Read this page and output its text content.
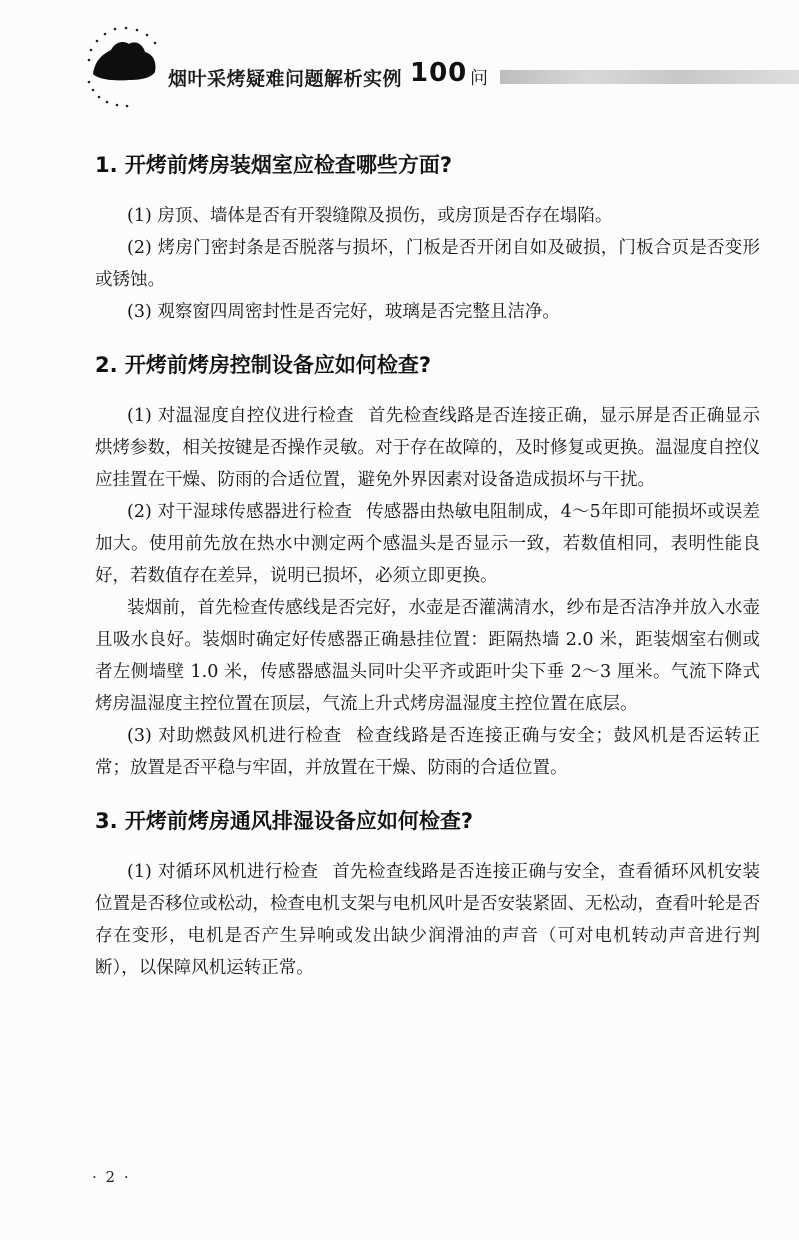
烟叶采烤疑难问题解析实例 100 问
1. 开烤前烤房装烟室应检查哪些方面?

(1) 房顶、墙体是否有开裂缝隙及损伤，或房顶是否存在塌陷。

(2) 烤房门密封条是否脱落与损坏，门板是否开闭自如及破损，门板合页是否变形或锈蚀。

(3) 观察窗四周密封性是否完好，玻璃是否完整且洁净。

2. 开烤前烤房控制设备应如何检查?

(1) 对温湿度自控仪进行检查 首先检查线路是否连接正确，显示屏是否正确显示烘烤参数，相关按键是否操作灵敏。对于存在故障的，及时修复或更换。温湿度自控仪应挂置在干燥、防雨的合适位置，避免外界因素对设备造成损坏与干扰。

(2) 对干湿球传感器进行检查 传感器由热敏电阻制成，4～5年即可能损坏或误差加大。使用前先放在热水中测定两个感温头是否显示一致，若数值相同，表明性能良好，若数值存在差异，说明已损坏，必须立即更换。

装烟前，首先检查传感线是否完好，水壶是否灌满清水，纱布是否洁净并放入水壶且吸水良好。装烟时确定好传感器正确悬挂位置：距隔热墙 2.0 米，距装烟室右侧或者左侧墙壁 1.0 米，传感器感温头同叶尖平齐或距叶尖下垂 2～3 厘米。气流下降式烤房温湿度主控位置在顶层，气流上升式烤房温湿度主控位置在底层。

(3) 对助燃鼓风机进行检查 检查线路是否连接正确与安全；鼓风机是否运转正常；放置是否平稳与牢固，并放置在干燥、防雨的合适位置。

3. 开烤前烤房通风排湿设备应如何检查?

(1) 对循环风机进行检查 首先检查线路是否连接正确与安全，查看循环风机安装位置是否移位或松动，检查电机支架与电机风叶是否安装紧固、无松动，查看叶轮是否存在变形，电机是否产生异响或发出缺少润滑油的声音（可对电机转动声音进行判断），以保障风机运转正常。

· 2 ·
